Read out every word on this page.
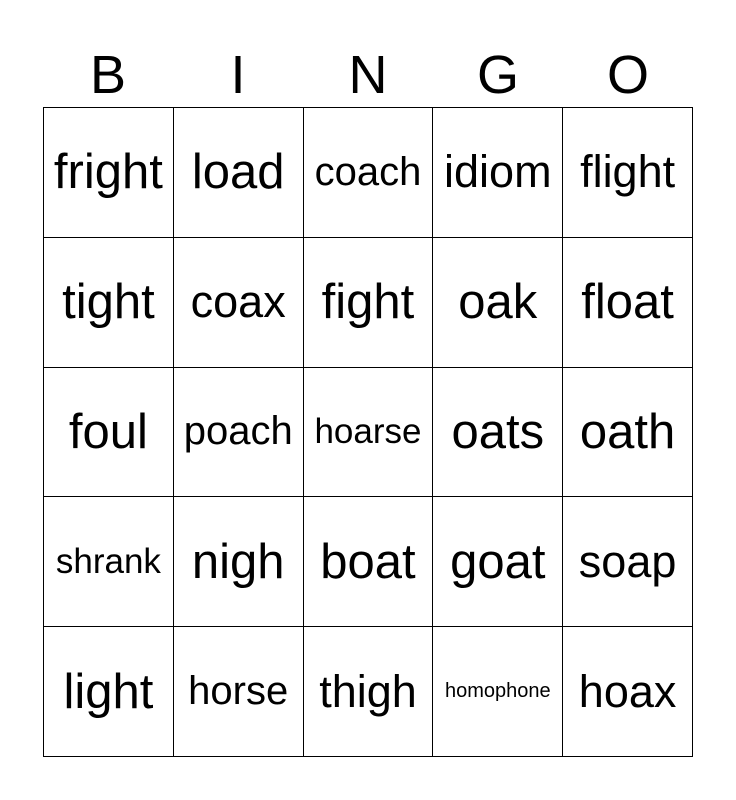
B	I	N	G	O
fright load coach idiom flight
tight coax fight oak float
foul poach hoarse oats oath
shrank nigh boat goat soap
light horse thigh	homophone hoax
